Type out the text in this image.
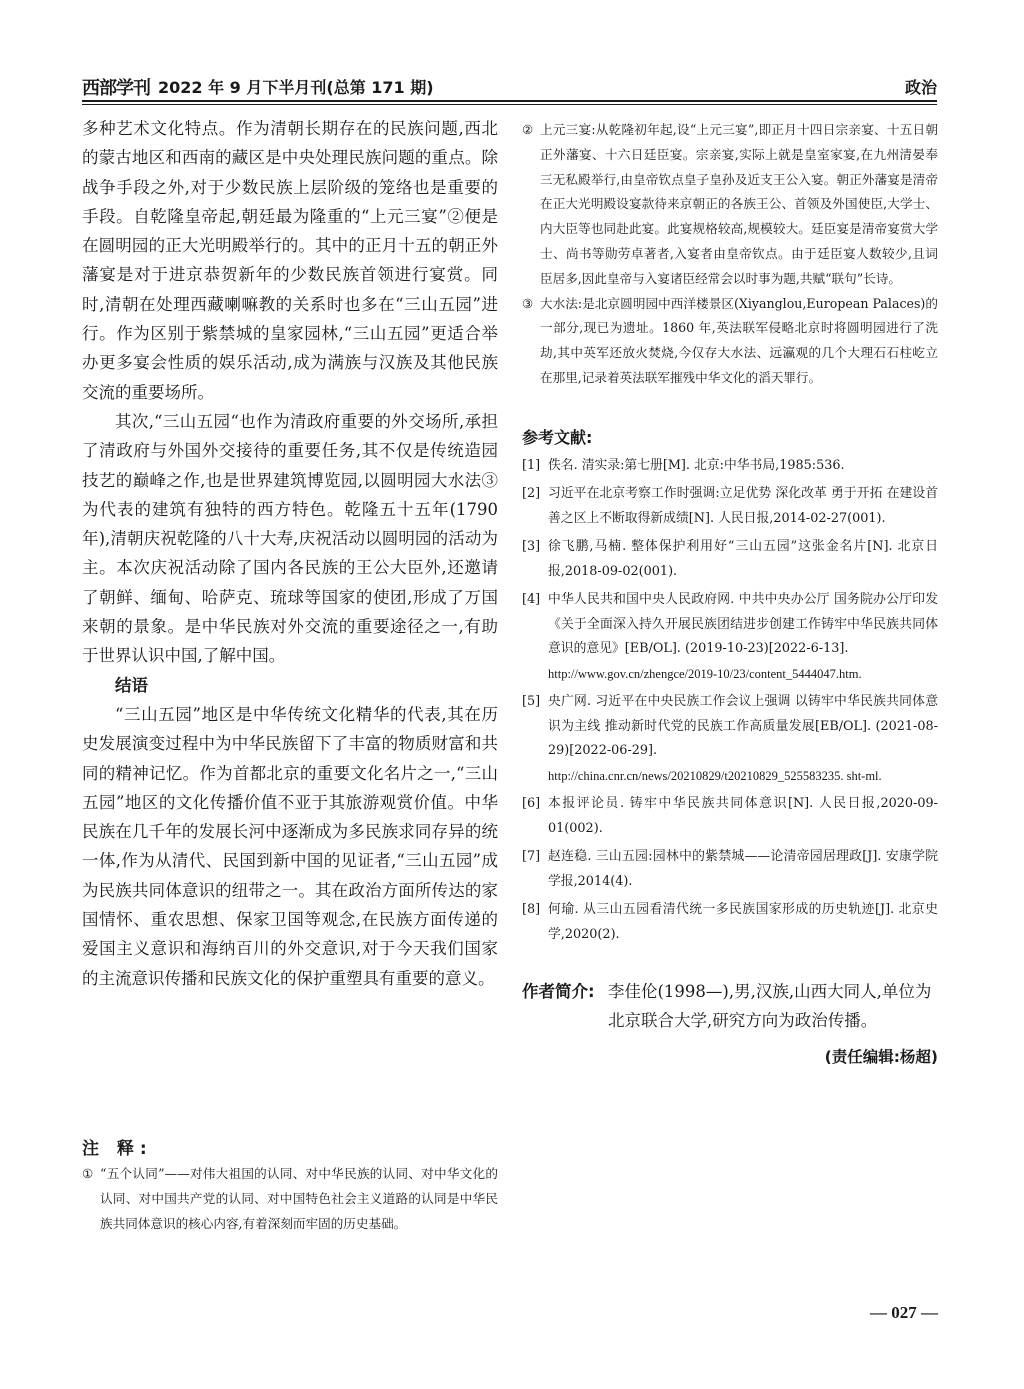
西部学刊 2022 年 9 月下半月刊(总第 171 期)	政治

多种艺术文化特点。作为清朝长期存在的民族问题,西北的蒙古地区和西南的藏区是中央处理民族问题的重点。除战争手段之外,对于少数民族上层阶级的笼络也是重要的手段。自乾隆皇帝起,朝廷最为隆重的“上元三宴”②便是在圆明园的正大光明殿举行的。其中的正月十五的朝正外藩宴是对于进京恭贺新年的少数民族首领进行宴赏。同时,清朝在处理西藏喇嘛教的关系时也多在“三山五园”进行。作为区别于紫禁城的皇家园林,“三山五园”更适合举办更多宴会性质的娱乐活动,成为满族与汉族及其他民族交流的重要场所。

其次,“三山五园“也作为清政府重要的外交场所,承担了清政府与外国外交接待的重要任务,其不仅是传统造园技艺的巅峰之作,也是世界建筑博览园,以圆明园大水法③为代表的建筑有独特的西方特色。乾隆五十五年(1790 年),清朝庆祝乾隆的八十大寿,庆祝活动以圆明园的活动为主。本次庆祝活动除了国内各民族的王公大臣外,还邀请了朝鲜、缅甸、哈萨克、琉球等国家的使团,形成了万国来朝的景象。是中华民族对外交流的重要途径之一,有助于世界认识中国,了解中国。

结语

“三山五园”地区是中华传统文化精华的代表,其在历史发展演变过程中为中华民族留下了丰富的物质财富和共同的精神记忆。作为首都北京的重要文化名片之一,“三山五园”地区的文化传播价值不亚于其旅游观赏价值。中华民族在几千年的发展长河中逐渐成为多民族求同存异的统一体,作为从清代、民国到新中国的见证者,“三山五园”成为民族共同体意识的纽带之一。其在政治方面所传达的家国情怀、重农思想、保家卫国等观念,在民族方面传递的爱国主义意识和海纳百川的外交意识,对于今天我们国家的主流意识传播和民族文化的保护重塑具有重要的意义。

注 释:

① “五个认同”——对伟大祖国的认同、对中华民族的认同、对中华文化的认同、对中国共产党的认同、对中国特色社会主义道路的认同是中华民族共同体意识的核心内容,有着深刻而牢固的历史基础。

② 上元三宴:从乾隆初年起,设“上元三宴”,即正月十四日宗亲宴、十五日朝正外藩宴、十六日廷臣宴。宗亲宴,实际上就是皇室家宴,在九州清晏奉三无私殿举行,由皇帝钦点皇子皇孙及近支王公入宴。朝正外藩宴是清帝在正大光明殿设宴款待来京朝正的各族王公、首领及外国使臣,大学士、内大臣等也同赴此宴。此宴规格较高,规模较大。廷臣宴是清帝宴赏大学士、尚书等勋劳卓著者,入宴者由皇帝钦点。由于廷臣宴人数较少,且词臣居多,因此皇帝与入宴诸臣经常会以时事为题,共赋“联句”长诗。

③ 大水法:是北京圆明园中西洋楼景区(Xiyanglou,European Palaces)的一部分,现已为遗址。1860 年,英法联军侵略北京时将圆明园进行了洗劫,其中英军还放火焚烧,今仅存大水法、远瀛观的几个大理石石柱屹立在那里,记录着英法联军摧残中华文化的滔天罪行。

参考文献:
[1] 佚名. 清实录:第七册[M]. 北京:中华书局,1985:536.
[2] 习近平在北京考察工作时强调:立足优势 深化改革 勇于开拓 在建设首善之区上不断取得新成绩[N]. 人民日报,2014-02-27(001).
[3] 徐飞鹏,马楠. 整体保护利用好“三山五园”这张金名片[N]. 北京日报,2018-09-02(001).
[4] 中华人民共和国中央人民政府网. 中共中央办公厅 国务院办公厅印发《关于全面深入持久开展民族团结进步创建工作铸牢中华民族共同体意识的意见》[EB/OL]. (2019-10-23)[2022-6-13].
http://www.gov.cn/zhengce/2019-10/23/content_5444047.htm.
[5] 央广网. 习近平在中央民族工作会议上强调 以铸牢中华民族共同体意识为主线 推动新时代党的民族工作高质量发展[EB/OL]. (2021-08-29)[2022-06-29].
http://china.cnr.cn/news/20210829/t20210829_525583235. sht-ml.
[6] 本报评论员. 铸牢中华民族共同体意识[N]. 人民日报,2020-09-01(002).
[7] 赵连稳. 三山五园:园林中的紫禁城——论清帝园居理政[J]. 安康学院学报,2014(4).
[8] 何瑜. 从三山五园看清代统一多民族国家形成的历史轨迹[J]. 北京史学,2020(2).
作者简介: 李佳伦(1998—),男,汉族,山西大同人,单位为北京联合大学,研究方向为政治传播。
(责任编辑:杨超)
— 027 —
